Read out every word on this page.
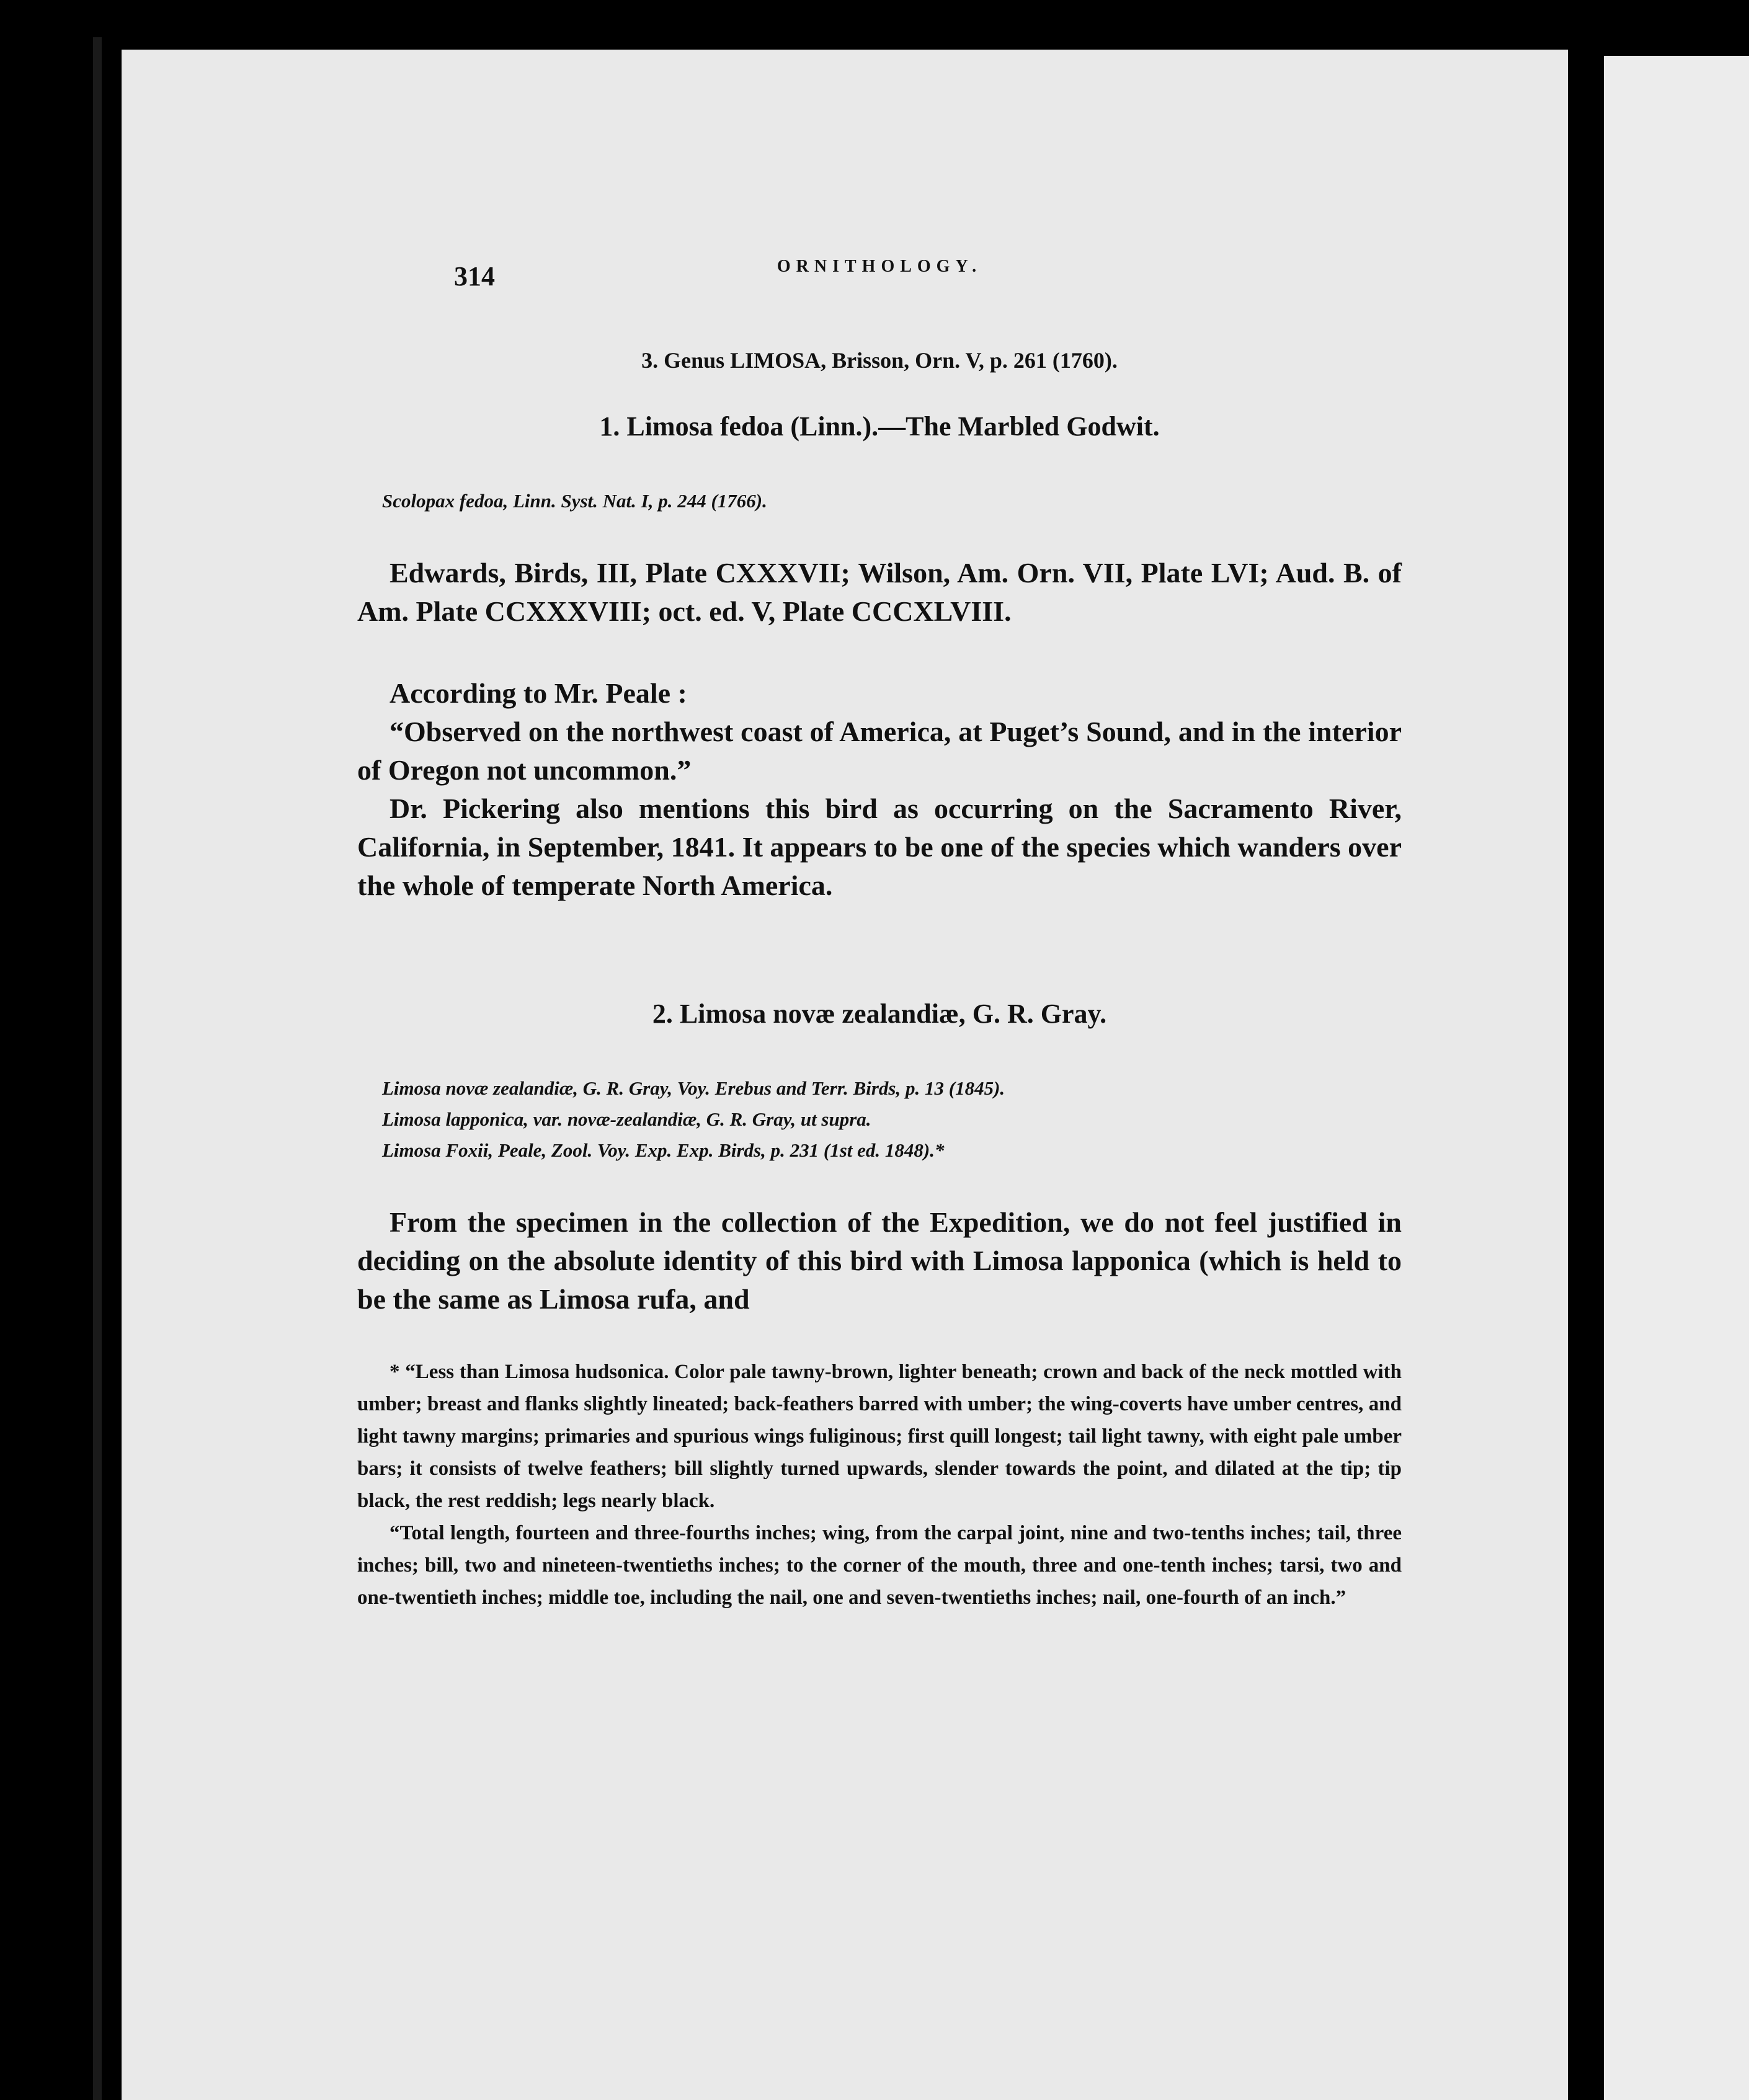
314	ORNITHOLOGY.
3. Genus LIMOSA, Brisson, Orn. V, p. 261 (1760).
1. Limosa fedoa (Linn.).—The Marbled Godwit.
Scolopax fedoa, Linn. Syst. Nat. I, p. 244 (1766).

Edwards, Birds, III, Plate CXXXVII; Wilson, Am. Orn. VII, Plate LVI; Aud. B. of Am. Plate CCXXXVIII; oct. ed. V, Plate CCCXLVIII.

According to Mr. Peale :

“Observed on the northwest coast of America, at Puget’s Sound, and in the interior of Oregon not uncommon.”

Dr. Pickering also mentions this bird as occurring on the Sacramento River, California, in September, 1841. It appears to be one of the species which wanders over the whole of temperate North America.

2. Limosa novæ zealandiæ, G. R. Gray.
Limosa novæ zealandiæ, G. R. Gray, Voy. Erebus and Terr. Birds, p. 13 (1845).
Limosa lapponica, var. novæ-zealandiæ, G. R. Gray, ut supra.
Limosa Foxii, Peale, Zool. Voy. Exp. Exp. Birds, p. 231 (1st ed. 1848).*

From the specimen in the collection of the Expedition, we do not feel justified in deciding on the absolute identity of this bird with Limosa lapponica (which is held to be the same as Limosa rufa, and

* “Less than Limosa hudsonica. Color pale tawny-brown, lighter beneath; crown and back of the neck mottled with umber; breast and flanks slightly lineated; back-feathers barred with umber; the wing-coverts have umber centres, and light tawny margins; primaries and spurious wings fuliginous; first quill longest; tail light tawny, with eight pale umber bars; it consists of twelve feathers; bill slightly turned upwards, slender towards the point, and dilated at the tip; tip black, the rest reddish; legs nearly black.

“Total length, fourteen and three-fourths inches; wing, from the carpal joint, nine and two-tenths inches; tail, three inches; bill, two and nineteen-twentieths inches; to the corner of the mouth, three and one-tenth inches; tarsi, two and one-twentieth inches; middle toe, including the nail, one and seven-twentieths inches; nail, one-fourth of an inch.”
